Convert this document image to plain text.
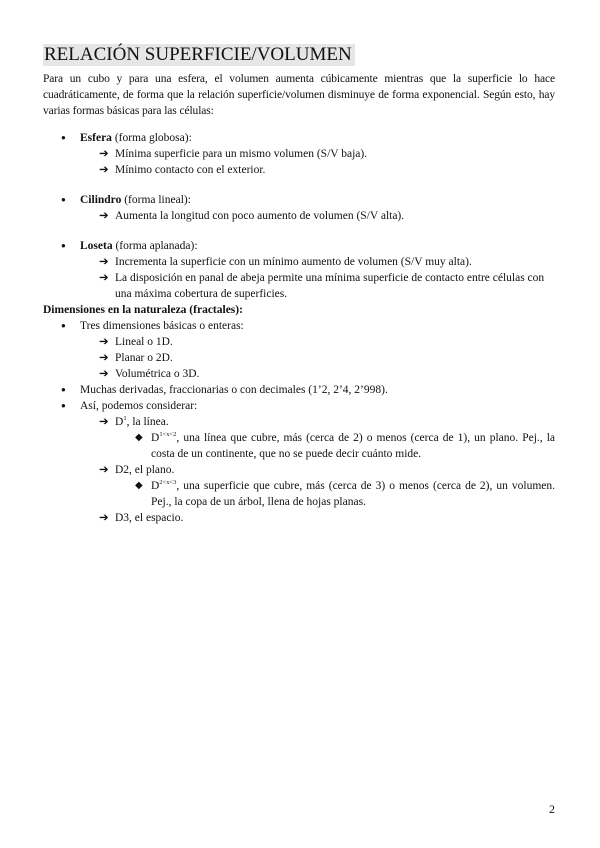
RELACIÓN SUPERFICIE/VOLUMEN

Para un cubo y para una esfera, el volumen aumenta cúbicamente mientras que la superficie lo hace cuadráticamente, de forma que la relación superficie/volumen disminuye de forma exponencial. Según esto, hay varias formas básicas para las células:

● Esfera (forma globosa):
➔ Mínima superficie para un mismo volumen (S/V baja).
➔ Mínimo contacto con el exterior.
● Cilindro (forma lineal):
➔ Aumenta la longitud con poco aumento de volumen (S/V alta).
● Loseta (forma aplanada):
➔ Incrementa la superficie con un mínimo aumento de volumen (S/V muy alta).
➔ La disposición en panal de abeja permite una mínima superficie de contacto entre células con una máxima cobertura de superficies.
Dimensiones en la naturaleza (fractales):
● Tres dimensiones básicas o enteras:
➔ Lineal o 1D.
➔ Planar o 2D.
➔ Volumétrica o 3D.
● Muchas derivadas, fraccionarias o con decimales (1’2, 2’4, 2’998).
● Así, podemos considerar:
➔ $D^1$, la línea.
◆ $D^{1<x<2}$, una línea que cubre, más (cerca de 2) o menos (cerca de 1), un plano. Pej., la costa de un continente, que no se puede decir cuánto mide.
➔ D2, el plano.
◆ $D^{2<x<3}$, una superficie que cubre, más (cerca de 3) o menos (cerca de 2), un volumen. Pej., la copa de un árbol, llena de hojas planas.
➔ D3, el espacio.
2
